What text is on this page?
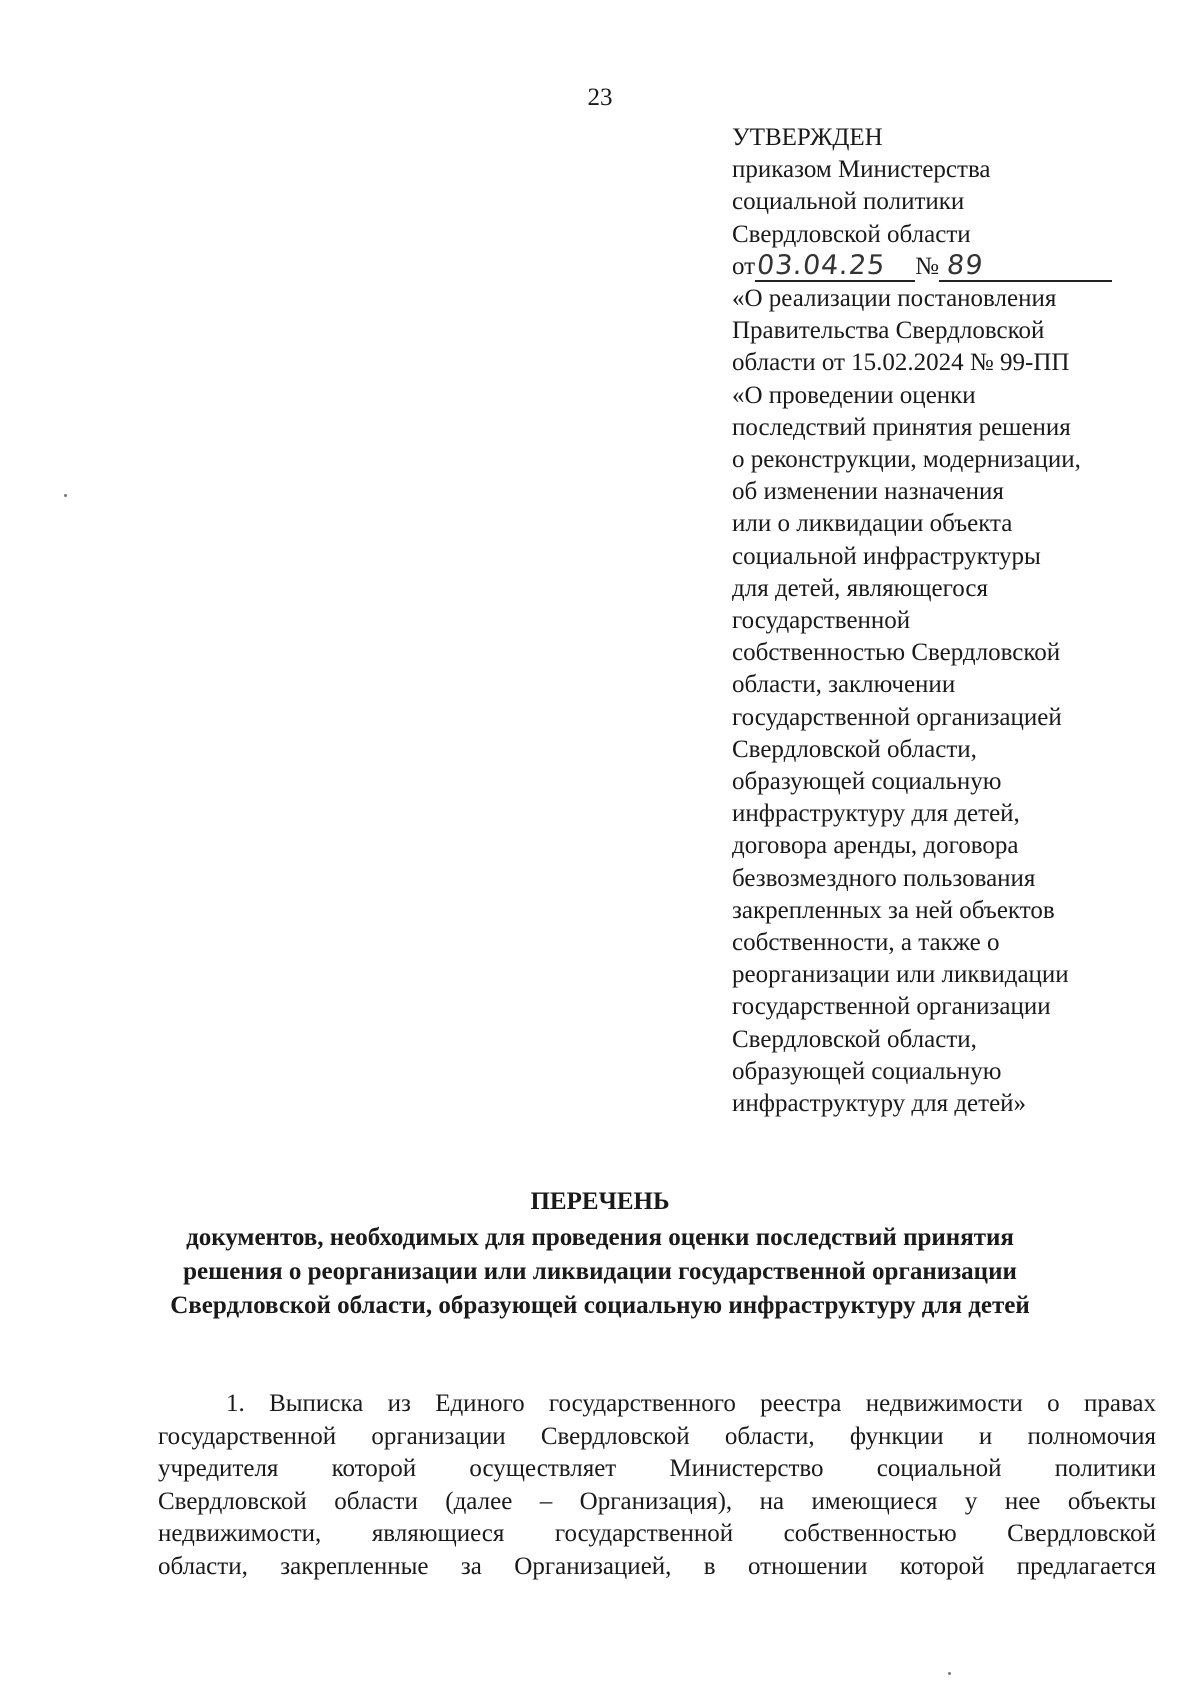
23
УТВЕРЖДЕН
приказом Министерства
социальной политики
Свердловской области
от03.04.25 № 89
«О реализации постановления
Правительства Свердловской
области от 15.02.2024 № 99-ПП
«О проведении оценки
последствий принятия решения
о реконструкции, модернизации,
об изменении назначения
или о ликвидации объекта
социальной инфраструктуры
для детей, являющегося
государственной
собственностью Свердловской
области, заключении
государственной организацией
Свердловской области,
образующей социальную
инфраструктуру для детей,
договора аренды, договора
безвозмездного пользования
закрепленных за ней объектов
собственности, а также о
реорганизации или ликвидации
государственной организации
Свердловской области,
образующей социальную
инфраструктуру для детей»
ПЕРЕЧЕНЬ
документов, необходимых для проведения оценки последствий принятия
решения о реорганизации или ликвидации государственной организации
Свердловской области, образующей социальную инфраструктуру для детей
1. Выписка из Единого государственного реестра недвижимости о правах
государственной организации Свердловской области, функции и полномочия
учредителя которой осуществляет Министерство социальной политики
Свердловской области (далее – Организация), на имеющиеся у нее объекты
недвижимости, являющиеся государственной собственностью Свердловской
области, закрепленные за Организацией, в отношении которой предлагается
